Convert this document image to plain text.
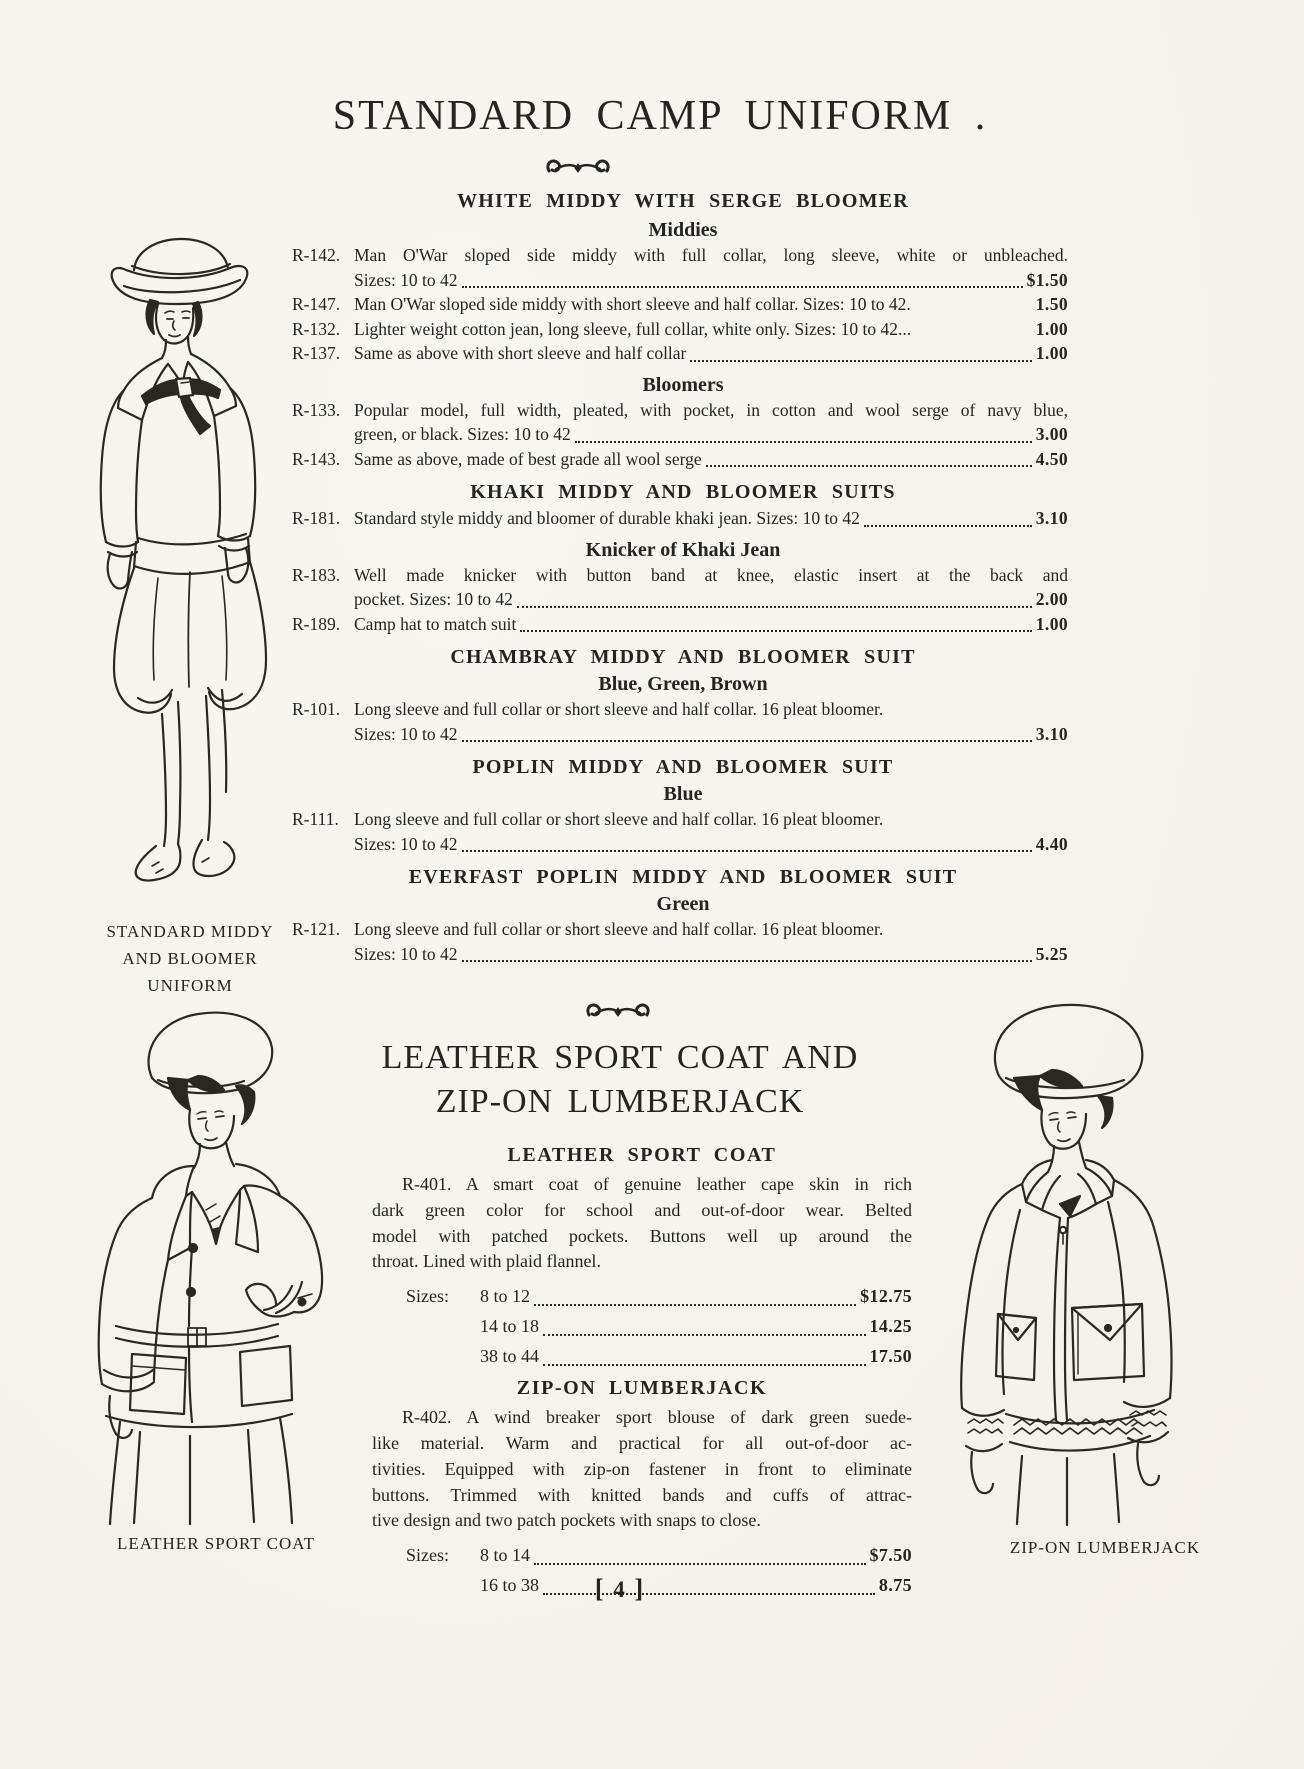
STANDARD CAMP UNIFORM .
WHITE MIDDY WITH SERGE BLOOMER
Middies
R-142. Man O'War sloped side middy with full collar, long sleeve, white or unbleached.
Sizes: 10 to 42	$1.50
R-147. Man O'War sloped side middy with short sleeve and half collar. Sizes: 10 to 42.	1.50
R-132. Lighter weight cotton jean, long sleeve, full collar, white only. Sizes: 10 to 42...	1.00
R-137. Same as above with short sleeve and half collar	1.00
Bloomers
R-133. Popular model, full width, pleated, with pocket, in cotton and wool serge of navy blue,
green, or black. Sizes: 10 to 42	3.00
R-143. Same as above, made of best grade all wool serge	4.50
KHAKI MIDDY AND BLOOMER SUITS
R-181. Standard style middy and bloomer of durable khaki jean. Sizes: 10 to 42	3.10
Knicker of Khaki Jean
R-183. Well made knicker with button band at knee, elastic insert at the back and
pocket. Sizes: 10 to 42	2.00
R-189. Camp hat to match suit	1.00
CHAMBRAY MIDDY AND BLOOMER SUIT
Blue, Green, Brown
R-101. Long sleeve and full collar or short sleeve and half collar. 16 pleat bloomer.
Sizes: 10 to 42	3.10
POPLIN MIDDY AND BLOOMER SUIT
Blue
R-111. Long sleeve and full collar or short sleeve and half collar. 16 pleat bloomer.
Sizes: 10 to 42	4.40
EVERFAST POPLIN MIDDY AND BLOOMER SUIT
Green
R-121. Long sleeve and full collar or short sleeve and half collar. 16 pleat bloomer.
Sizes: 10 to 42	5.25
STANDARD MIDDY
AND BLOOMER
UNIFORM
LEATHER SPORT COAT AND
ZIP-ON LUMBERJACK
LEATHER SPORT COAT
R-401. A smart coat of genuine leather cape skin in rich
dark green color for school and out-of-door wear. Belted
model with patched pockets. Buttons well up around the
throat. Lined with plaid flannel.
Sizes:	8 to 12	$12.75
14 to 18	14.25
38 to 44	17.50
ZIP-ON LUMBERJACK
R-402. A wind breaker sport blouse of dark green suede-
like material. Warm and practical for all out-of-door ac-
tivities. Equipped with zip-on fastener in front to eliminate
buttons. Trimmed with knitted bands and cuffs of attrac-
tive design and two patch pockets with snaps to close.
Sizes:	8 to 14	$7.50
16 to 38	8.75
LEATHER SPORT COAT	ZIP-ON LUMBERJACK
[ 4 ]
